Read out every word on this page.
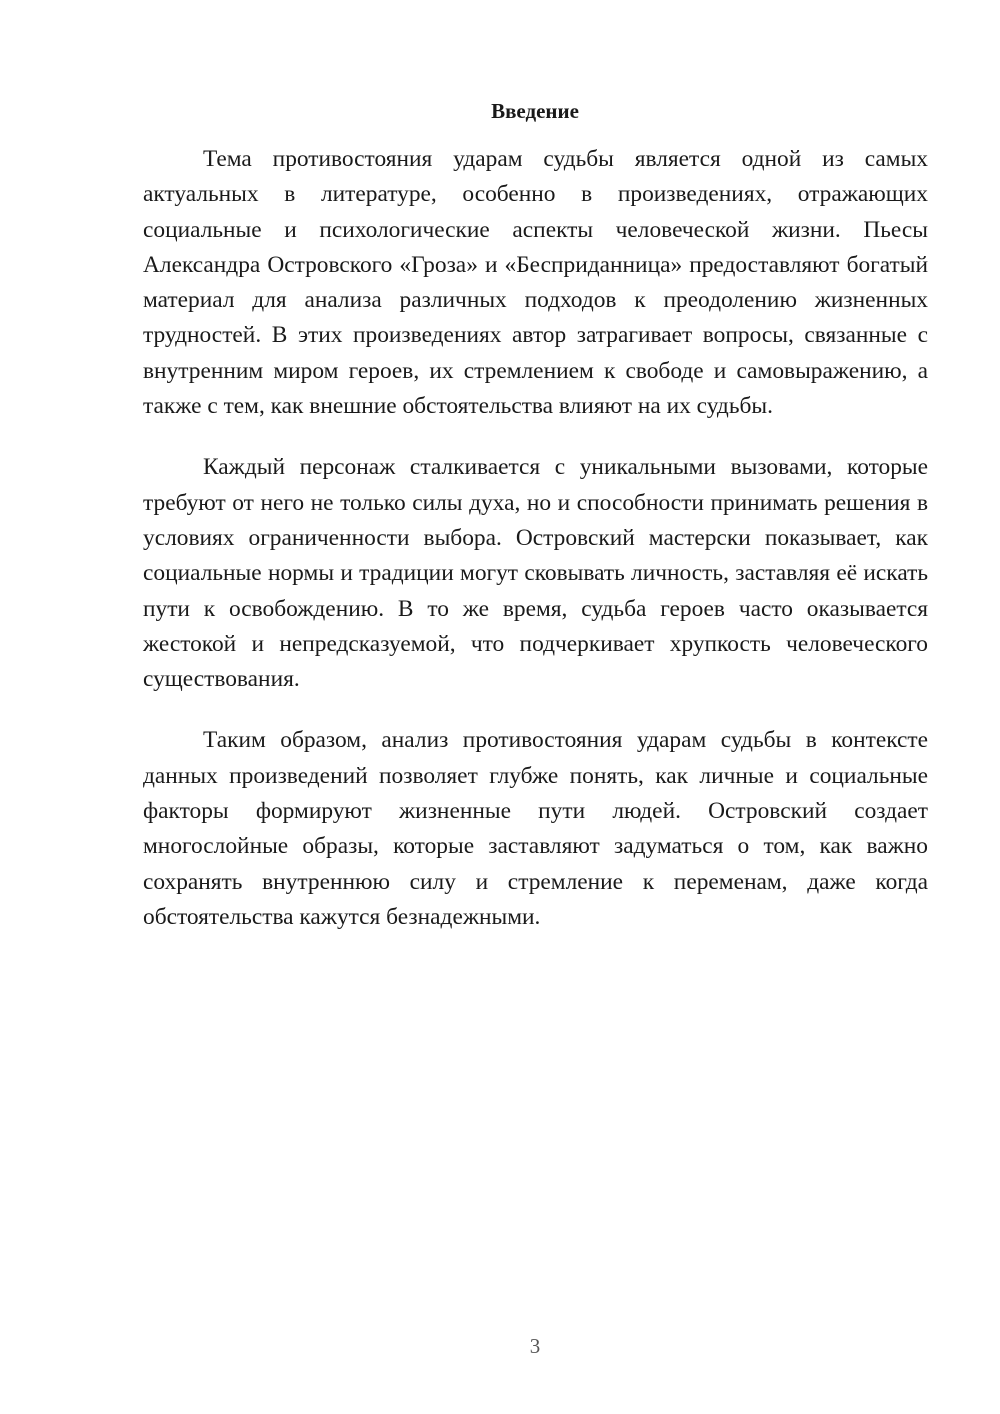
Введение

Тема противостояния ударам судьбы является одной из самых актуальных в литературе, особенно в произведениях, отражающих социальные и психологические аспекты человеческой жизни. Пьесы Александра Островского «Гроза» и «Бесприданница» предоставляют богатый материал для анализа различных подходов к преодолению жизненных трудностей. В этих произведениях автор затрагивает вопросы, связанные с внутренним миром героев, их стремлением к свободе и самовыражению, а также с тем, как внешние обстоятельства влияют на их судьбы.

Каждый персонаж сталкивается с уникальными вызовами, которые требуют от него не только силы духа, но и способности принимать решения в условиях ограниченности выбора. Островский мастерски показывает, как социальные нормы и традиции могут сковывать личность, заставляя её искать пути к освобождению. В то же время, судьба героев часто оказывается жестокой и непредсказуемой, что подчеркивает хрупкость человеческого существования.

Таким образом, анализ противостояния ударам судьбы в контексте данных произведений позволяет глубже понять, как личные и социальные факторы формируют жизненные пути людей. Островский создает многослойные образы, которые заставляют задуматься о том, как важно сохранять внутреннюю силу и стремление к переменам, даже когда обстоятельства кажутся безнадежными.

3
